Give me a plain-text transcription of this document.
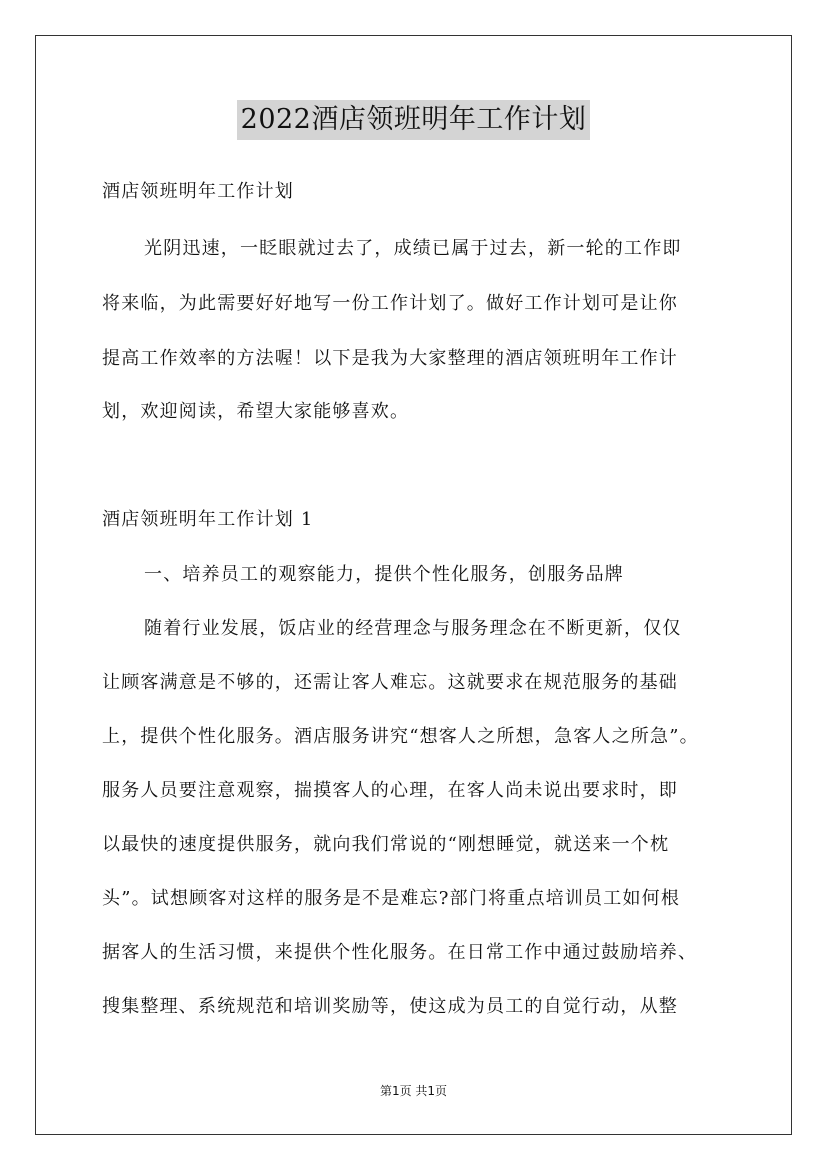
2022酒店领班明年工作计划
酒店领班明年工作计划
光阴迅速，一眨眼就过去了，成绩已属于过去，新一轮的工作即
将来临，为此需要好好地写一份工作计划了。做好工作计划可是让你
提高工作效率的方法喔！以下是我为大家整理的酒店领班明年工作计
划，欢迎阅读，希望大家能够喜欢。
酒店领班明年工作计划 1
一、培养员工的观察能力，提供个性化服务，创服务品牌
随着行业发展，饭店业的经营理念与服务理念在不断更新，仅仅
让顾客满意是不够的，还需让客人难忘。这就要求在规范服务的基础
上，提供个性化服务。酒店服务讲究“想客人之所想，急客人之所急”。
服务人员要注意观察，揣摸客人的心理，在客人尚未说出要求时，即
以最快的速度提供服务，就向我们常说的“刚想睡觉，就送来一个枕
头”。试想顾客对这样的服务是不是难忘?部门将重点培训员工如何根
据客人的生活习惯，来提供个性化服务。在日常工作中通过鼓励培养、
搜集整理、系统规范和培训奖励等，使这成为员工的自觉行动，从整
第1页 共1页
